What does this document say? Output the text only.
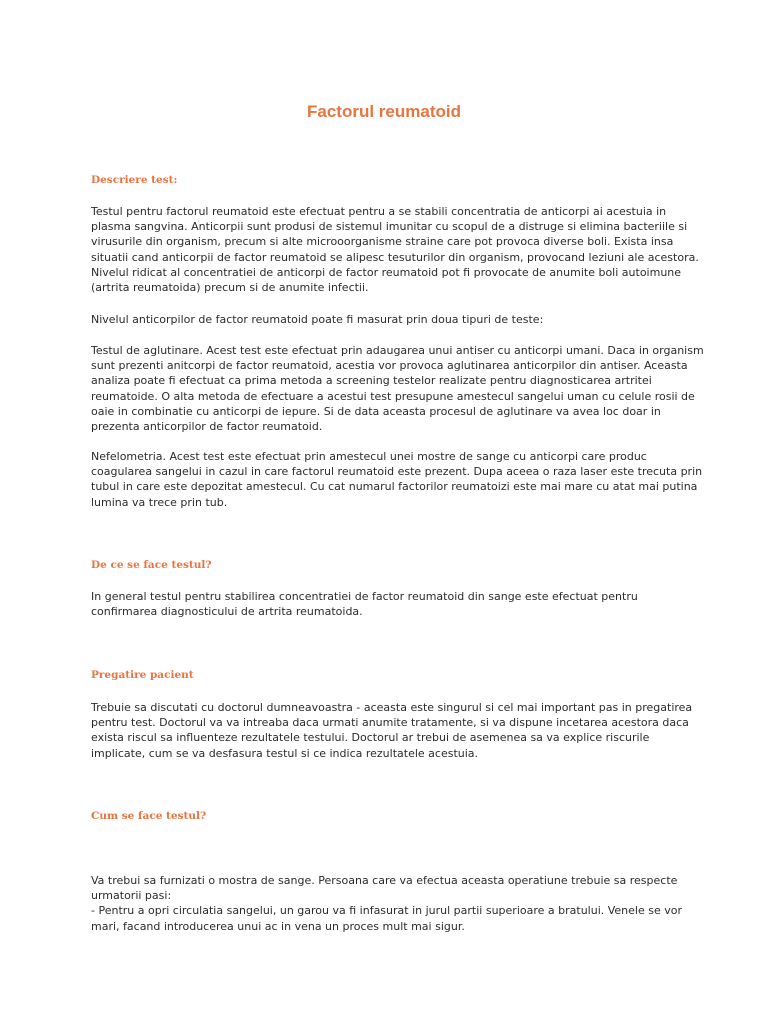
Factorul reumatoid
Descriere test:

Testul pentru factorul reumatoid este efectuat pentru a se stabili concentratia de anticorpi ai acestuia in
plasma sangvina. Anticorpii sunt produsi de sistemul imunitar cu scopul de a distruge si elimina bacteriile si
virusurile din organism, precum si alte microoorganisme straine care pot provoca diverse boli. Exista insa
situatii cand anticorpii de factor reumatoid se alipesc tesuturilor din organism, provocand leziuni ale acestora.
Nivelul ridicat al concentratiei de anticorpi de factor reumatoid pot fi provocate de anumite boli autoimune
(artrita reumatoida) precum si de anumite infectii.

Nivelul anticorpilor de factor reumatoid poate fi masurat prin doua tipuri de teste:

Testul de aglutinare. Acest test este efectuat prin adaugarea unui antiser cu anticorpi umani. Daca in organism
sunt prezenti anitcorpi de factor reumatoid, acestia vor provoca aglutinarea anticorpilor din antiser. Aceasta
analiza poate fi efectuat ca prima metoda a screening testelor realizate pentru diagnosticarea artritei
reumatoide. O alta metoda de efectuare a acestui test presupune amestecul sangelui uman cu celule rosii de
oaie in combinatie cu anticorpi de iepure. Si de data aceasta procesul de aglutinare va avea loc doar in
prezenta anticorpilor de factor reumatoid.

Nefelometria. Acest test este efectuat prin amestecul unei mostre de sange cu anticorpi care produc
coagularea sangelui in cazul in care factorul reumatoid este prezent. Dupa aceea o raza laser este trecuta prin
tubul in care este depozitat amestecul. Cu cat numarul factorilor reumatoizi este mai mare cu atat mai putina
lumina va trece prin tub.

De ce se face testul?

In general testul pentru stabilirea concentratiei de factor reumatoid din sange este efectuat pentru
confirmarea diagnosticului de artrita reumatoida.

Pregatire pacient

Trebuie sa discutati cu doctorul dumneavoastra - aceasta este singurul si cel mai important pas in pregatirea
pentru test. Doctorul va va intreaba daca urmati anumite tratamente, si va dispune incetarea acestora daca
exista riscul sa influenteze rezultatele testului. Doctorul ar trebui de asemenea sa va explice riscurile
implicate, cum se va desfasura testul si ce indica rezultatele acestuia.

Cum se face testul?

Va trebui sa furnizati o mostra de sange. Persoana care va efectua aceasta operatiune trebuie sa respecte
urmatorii pasi:
- Pentru a opri circulatia sangelui, un garou va fi infasurat in jurul partii superioare a bratului. Venele se vor
mari, facand introducerea unui ac in vena un proces mult mai sigur.
